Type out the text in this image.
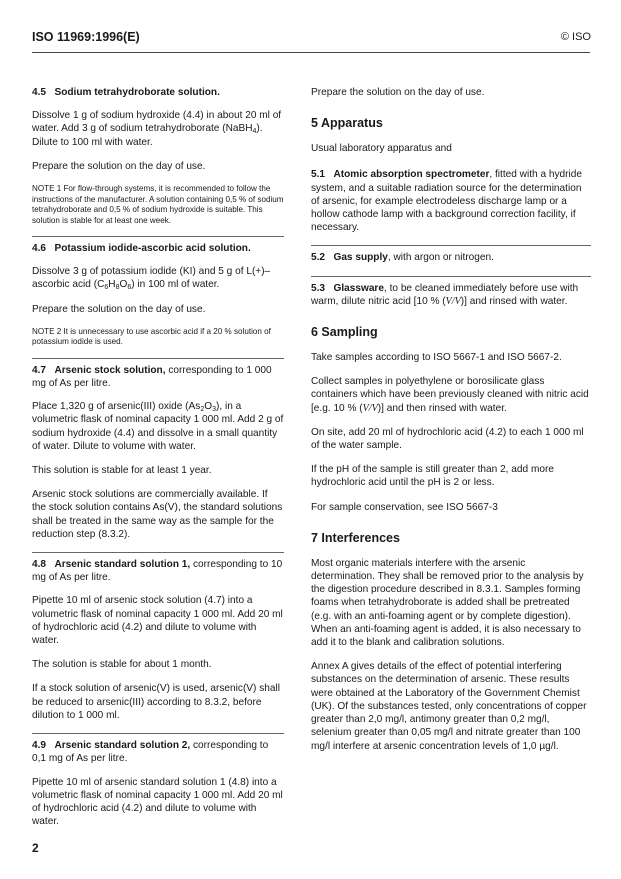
ISO 11969:1996(E)	© ISO
4.5 Sodium tetrahydroborate solution.

Dissolve 1 g of sodium hydroxide (4.4) in about 20 ml of water. Add 3 g of sodium tetrahydroborate (NaBH$_4$). Dilute to 100 ml with water.

Prepare the solution on the day of use.

NOTE 1 For flow-through systems, it is recommended to follow the instructions of the manufacturer. A solution containing 0,5 % of sodium tetrahydroborate and 0,5 % of sodium hydroxide is suitable. This solution is stable for at least one week.

4.6 Potassium iodide-ascorbic acid solution.

Dissolve 3 g of potassium iodide (KI) and 5 g of L(+)–ascorbic acid $(C_6H_8O_6)$ in 100 ml of water.

Prepare the solution on the day of use.

NOTE 2 It is unnecessary to use ascorbic acid if a 20 % solution of potassium iodide is used.

4.7 Arsenic stock solution, corresponding to 1 000 mg of As per litre.

Place 1,320 g of arsenic(III) oxide $(As_2O_3)$, in a volumetric flask of nominal capacity 1 000 ml. Add 2 g of sodium hydroxide (4.4) and dissolve in a small quantity of water. Dilute to volume with water.

This solution is stable for at least 1 year.

Arsenic stock solutions are commercially available. If the stock solution contains As(V), the standard solutions shall be treated in the same way as the sample for the reduction step (8.3.2).

4.8 Arsenic standard solution 1, corresponding to 10 mg of As per litre.

Pipette 10 ml of arsenic stock solution (4.7) into a volumetric flask of nominal capacity 1 000 ml. Add 20 ml of hydrochloric acid (4.2) and dilute to volume with water.

The solution is stable for about 1 month.

If a stock solution of arsenic(V) is used, arsenic(V) shall be reduced to arsenic(III) according to 8.3.2, before dilution to 1 000 ml.

4.9 Arsenic standard solution 2, corresponding to 0,1 mg of As per litre.

Pipette 10 ml of arsenic standard solution 1 (4.8) into a volumetric flask of nominal capacity 1 000 ml. Add 20 ml of hydrochloric acid (4.2) and dilute to volume with water.

Prepare the solution on the day of use.

5 Apparatus

Usual laboratory apparatus and

5.1 Atomic absorption spectrometer, fitted with a hydride system, and a suitable radiation source for the determination of arsenic, for example electrodeless discharge lamp or a hollow cathode lamp with a background correction facility, if necessary.

5.2 Gas supply, with argon or nitrogen.

5.3 Glassware, to be cleaned immediately before use with warm, dilute nitric acid [10 % (V/V)] and rinsed with water.

6 Sampling

Take samples according to ISO 5667-1 and ISO 5667-2.

Collect samples in polyethylene or borosilicate glass containers which have been previously cleaned with nitric acid [e.g. 10 % (V/V)] and then rinsed with water.

On site, add 20 ml of hydrochloric acid (4.2) to each 1 000 ml of the water sample.

If the pH of the sample is still greater than 2, add more hydrochloric acid until the pH is 2 or less.

For sample conservation, see ISO 5667-3

7 Interferences

Most organic materials interfere with the arsenic determination. They shall be removed prior to the analysis by the digestion procedure described in 8.3.1. Samples forming foams when tetrahydroborate is added shall be pretreated (e.g. with an anti-foaming agent or by complete digestion). When an anti-foaming agent is added, it is also necessary to add it to the blank and calibration solutions.

Annex A gives details of the effect of potential interfering substances on the determination of arsenic. These results were obtained at the Laboratory of the Government Chemist (UK). Of the substances tested, only concentrations of copper greater than 2,0 mg/l, antimony greater than 0,2 mg/l, selenium greater than 0,05 mg/l and nitrate greater than 100 mg/l interfere at arsenic concentration levels of 1,0 µg/l.

2
